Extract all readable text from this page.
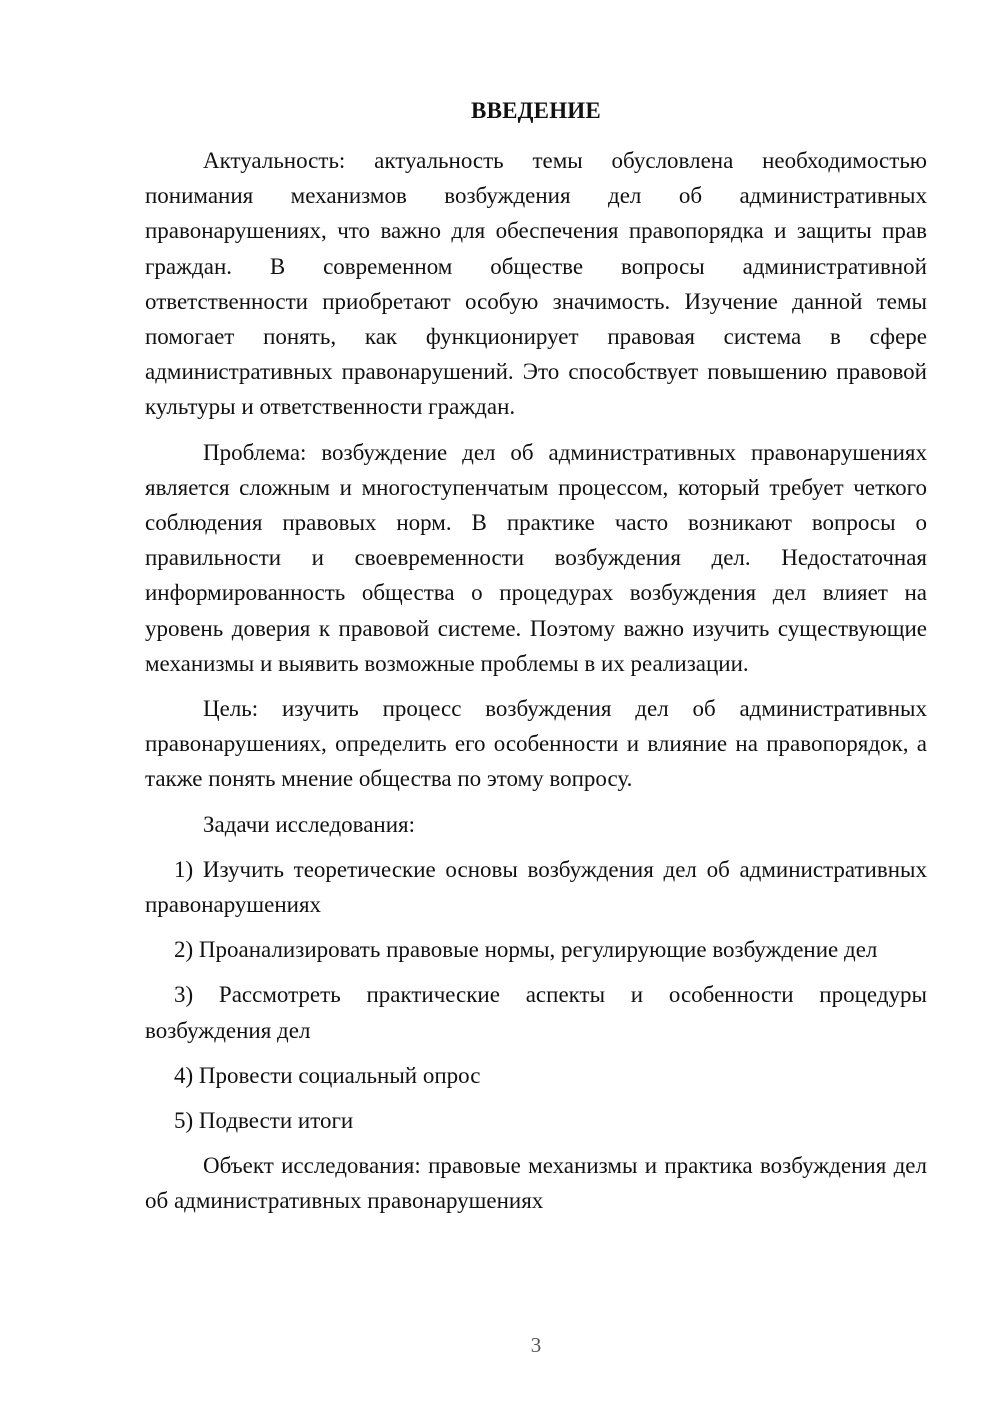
ВВЕДЕНИЕ

Актуальность: актуальность темы обусловлена необходимостью понимания механизмов возбуждения дел об административных правонарушениях, что важно для обеспечения правопорядка и защиты прав граждан. В современном обществе вопросы административной ответственности приобретают особую значимость. Изучение данной темы помогает понять, как функционирует правовая система в сфере административных правонарушений. Это способствует повышению правовой культуры и ответственности граждан.

Проблема: возбуждение дел об административных правонарушениях является сложным и многоступенчатым процессом, который требует четкого соблюдения правовых норм. В практике часто возникают вопросы о правильности и своевременности возбуждения дел. Недостаточная информированность общества о процедурах возбуждения дел влияет на уровень доверия к правовой системе. Поэтому важно изучить существующие механизмы и выявить возможные проблемы в их реализации.

Цель: изучить процесс возбуждения дел об административных правонарушениях, определить его особенности и влияние на правопорядок, а также понять мнение общества по этому вопросу.

Задачи исследования:

1) Изучить теоретические основы возбуждения дел об административных правонарушениях

2) Проанализировать правовые нормы, регулирующие возбуждение дел

3) Рассмотреть практические аспекты и особенности процедуры возбуждения дел

4) Провести социальный опрос

5) Подвести итоги

Объект исследования: правовые механизмы и практика возбуждения дел об административных правонарушениях

3
